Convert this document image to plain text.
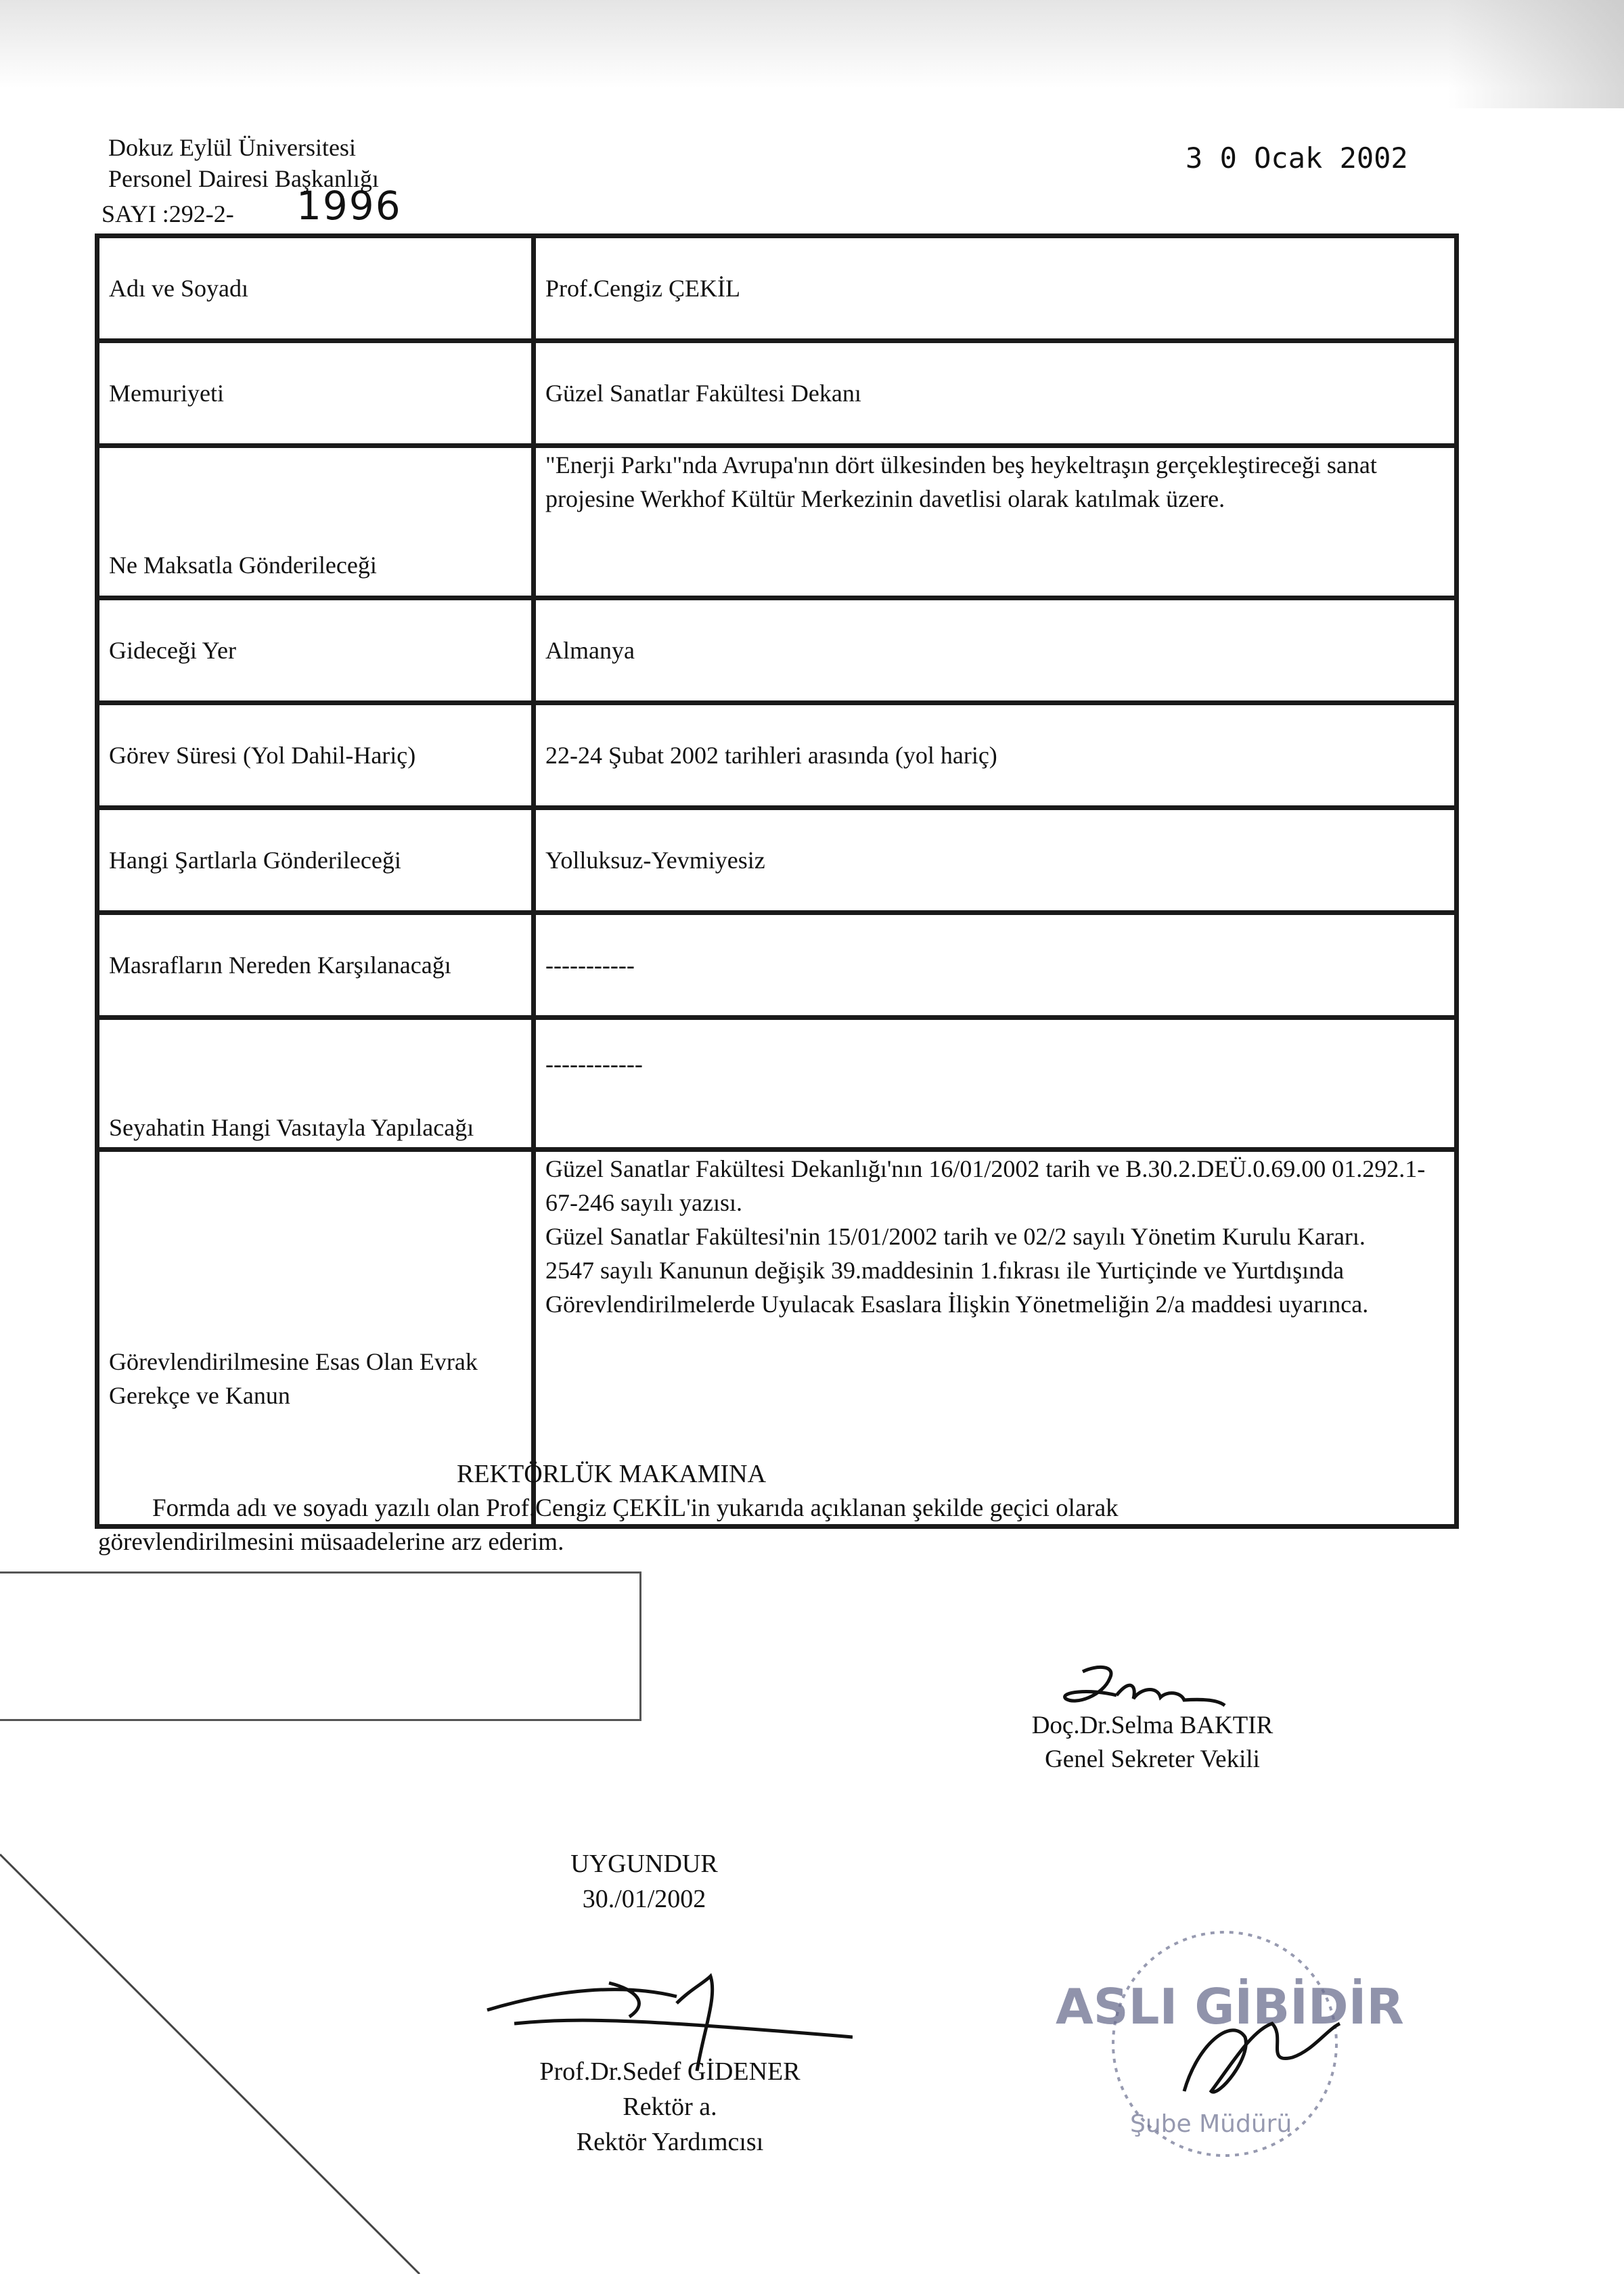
Dokuz Eylül Üniversitesi
Personel Dairesi Başkanlığı
SAYI :292-2- 1996
3 0 Ocak 2002
Adı ve Soyadı	Prof.Cengiz ÇEKİL
Memuriyeti	Güzel Sanatlar Fakültesi Dekanı
Ne Maksatla Gönderileceği	"Enerji Parkı"nda Avrupa'nın dört ülkesinden beş heykeltraşın gerçekleştireceği sanat projesine Werkhof Kültür Merkezinin davetlisi olarak katılmak üzere.
Gideceği Yer	Almanya
Görev Süresi (Yol Dahil-Hariç)	22-24 Şubat 2002 tarihleri arasında (yol hariç)
Hangi Şartlarla Gönderileceği	Yolluksuz-Yevmiyesiz
Masrafların Nereden Karşılanacağı	-----------
Seyahatin Hangi Vasıtayla Yapılacağı	------------
Görevlendirilmesine Esas Olan Evrak Gerekçe ve Kanun	Güzel Sanatlar Fakültesi Dekanlığı'nın 16/01/2002 tarih ve B.30.2.DEÜ.0.69.00 01.292.1-67-246 sayılı yazısı.
Güzel Sanatlar Fakültesi'nin 15/01/2002 tarih ve 02/2 sayılı Yönetim Kurulu Kararı.
2547 sayılı Kanunun değişik 39.maddesinin 1.fıkrası ile Yurtiçinde ve Yurtdışında Görevlendirilmelerde Uyulacak Esaslara İlişkin Yönetmeliğin 2/a maddesi uyarınca.
REKTÖRLÜK MAKAMINA
Formda adı ve soyadı yazılı olan Prof.Cengiz ÇEKİL'in yukarıda açıklanan şekilde geçici olarak görevlendirilmesini müsaadelerine arz ederim.
Doç.Dr.Selma BAKTIR
Genel Sekreter Vekili
UYGUNDUR
30./01/2002
Prof.Dr.Sedef GİDENER
Rektör a.
Rektör Yardımcısı
ASLI GİBİDİR
Şube Müdürü
